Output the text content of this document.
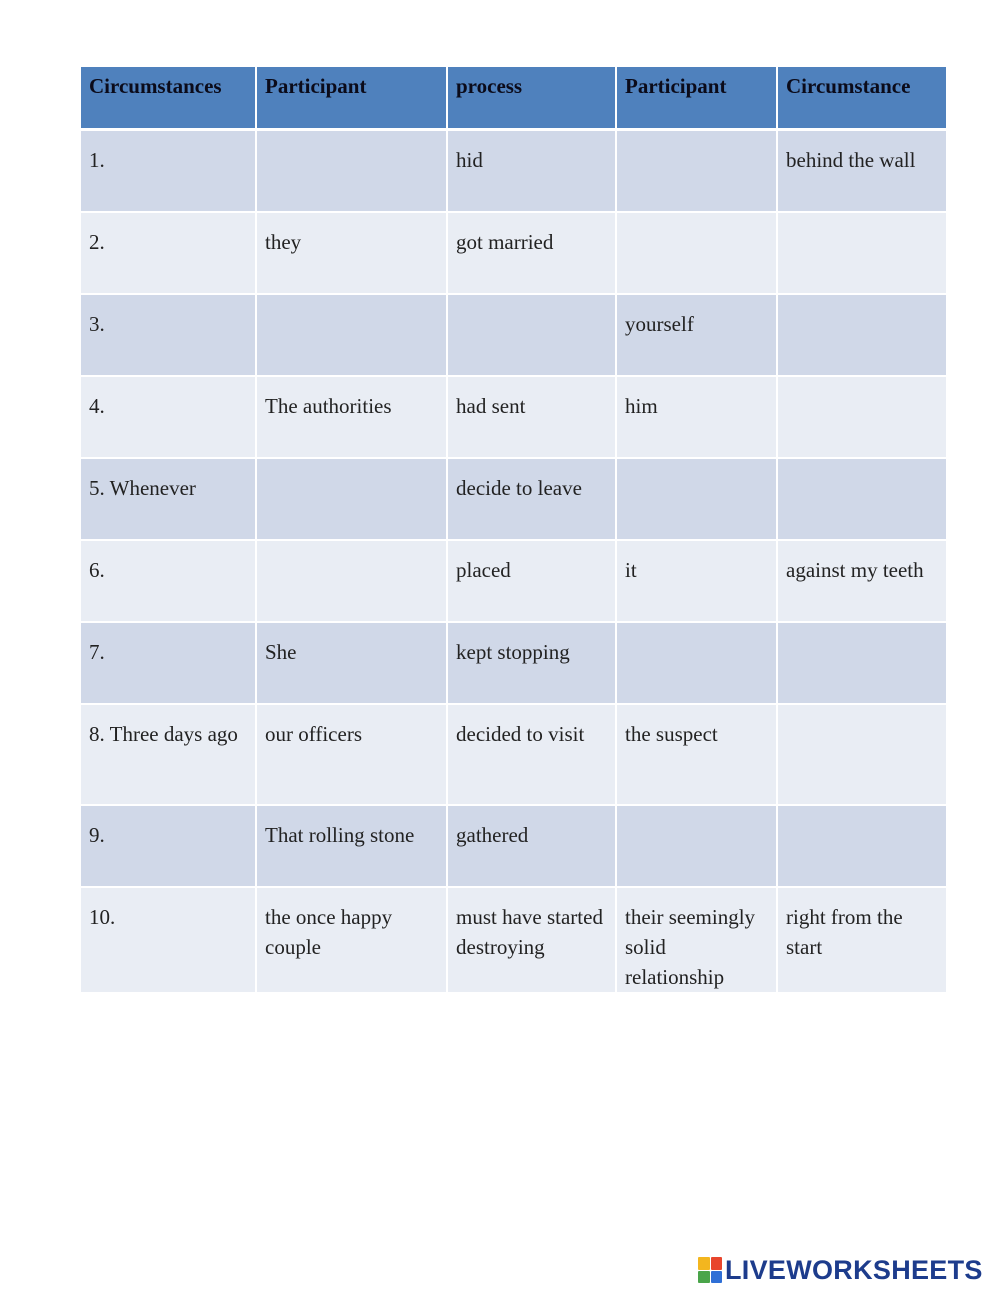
Circumstances	Participant	process	Participant	Circumstance
1.		hid		behind the wall
2.	they	got married		
3.			yourself	
4.	The authorities	had sent	him	
5. Whenever		decide to leave		
6.		placed	it	against my teeth
7.	She	kept stopping		
8. Three days ago	our officers	decided to visit	the suspect	
9.	That rolling stone	gathered		
10.	the once happy couple	must have started destroying	their seemingly solid relationship	right from the start
LIVEWORKSHEETS
